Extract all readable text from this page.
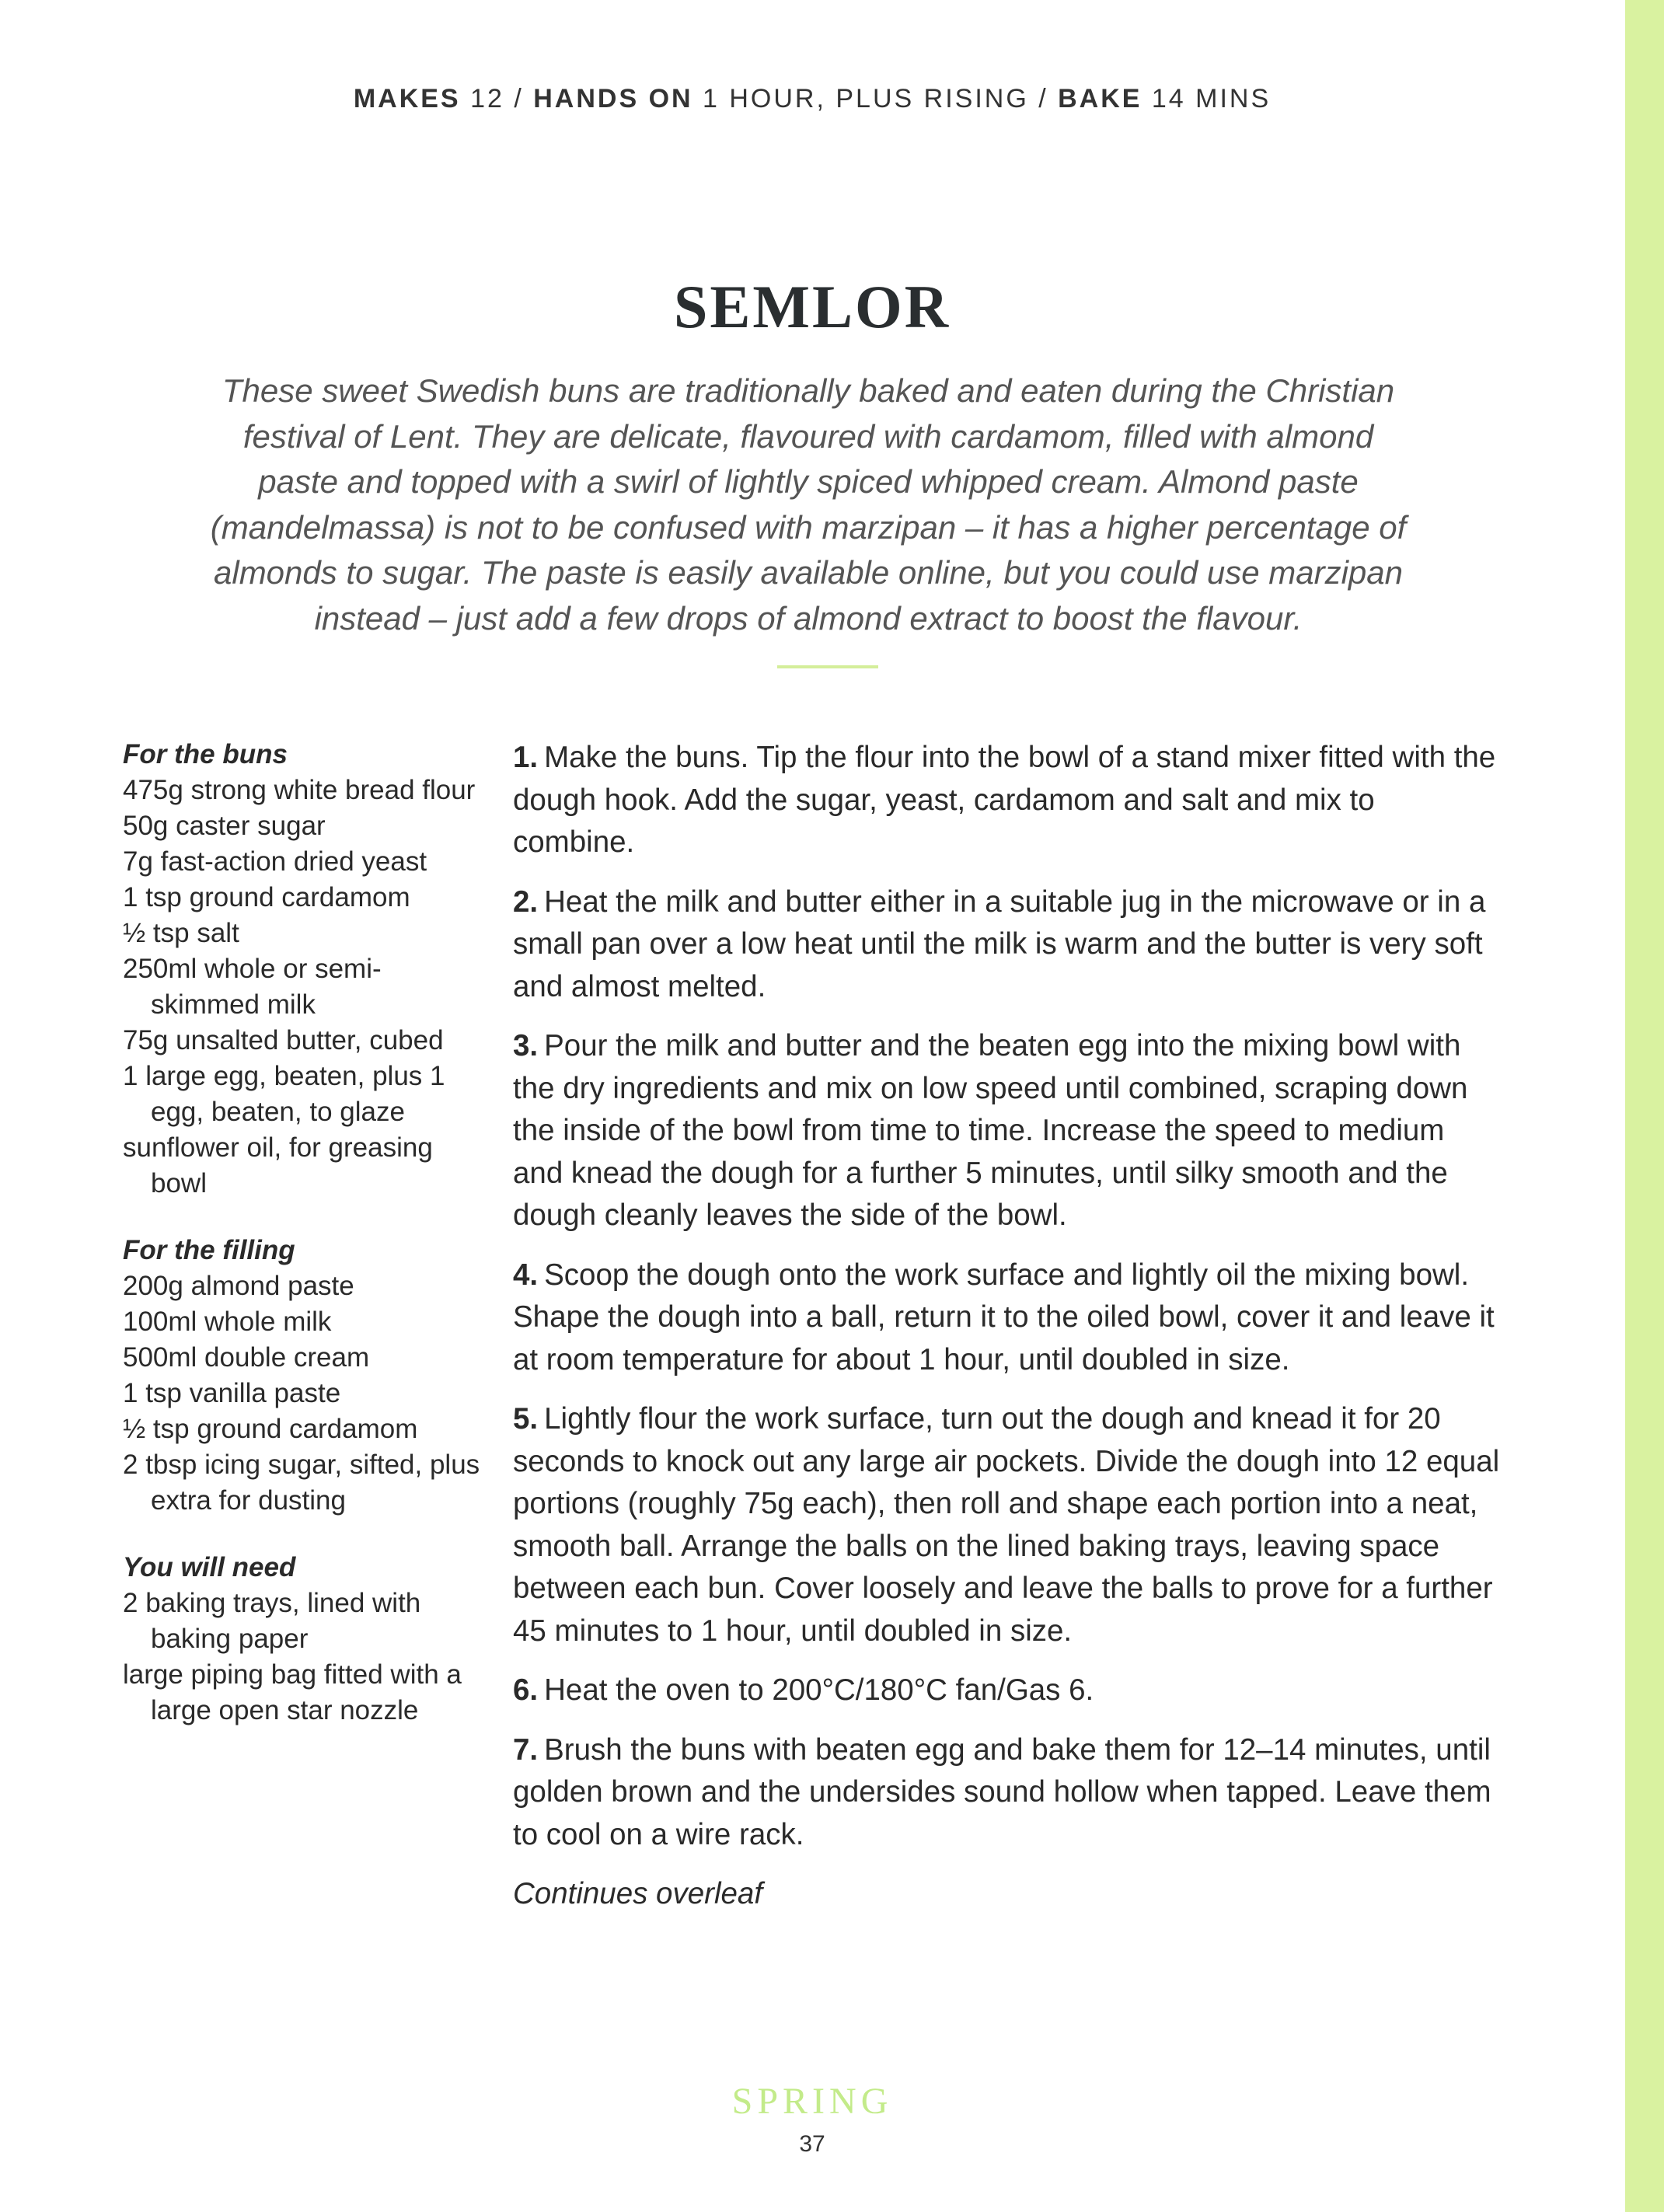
MAKES 12 / HANDS ON 1 HOUR, PLUS RISING / BAKE 14 MINS
SEMLOR
These sweet Swedish buns are traditionally baked and eaten during the Christian
festival of Lent. They are delicate, flavoured with cardamom, filled with almond
paste and topped with a swirl of lightly spiced whipped cream. Almond paste
(mandelmassa) is not to be confused with marzipan – it has a higher percentage of
almonds to sugar. The paste is easily available online, but you could use marzipan
instead – just add a few drops of almond extract to boost the flavour.
For the buns
475g strong white bread flour
50g caster sugar
7g fast-action dried yeast
1 tsp ground cardamom
½ tsp salt
250ml whole or semi-skimmed milk
75g unsalted butter, cubed
1 large egg, beaten, plus 1 egg, beaten, to glaze
sunflower oil, for greasing bowl
For the filling
200g almond paste
100ml whole milk
500ml double cream
1 tsp vanilla paste
½ tsp ground cardamom
2 tbsp icing sugar, sifted, plus extra for dusting
You will need
2 baking trays, lined with baking paper
large piping bag fitted with a large open star nozzle
1. Make the buns. Tip the flour into the bowl of a stand mixer fitted with the dough hook. Add the sugar, yeast, cardamom and salt and mix to combine.
2. Heat the milk and butter either in a suitable jug in the microwave or in a small pan over a low heat until the milk is warm and the butter is very soft and almost melted.
3. Pour the milk and butter and the beaten egg into the mixing bowl with the dry ingredients and mix on low speed until combined, scraping down the inside of the bowl from time to time. Increase the speed to medium and knead the dough for a further 5 minutes, until silky smooth and the dough cleanly leaves the side of the bowl.
4. Scoop the dough onto the work surface and lightly oil the mixing bowl. Shape the dough into a ball, return it to the oiled bowl, cover it and leave it at room temperature for about 1 hour, until doubled in size.
5. Lightly flour the work surface, turn out the dough and knead it for 20 seconds to knock out any large air pockets. Divide the dough into 12 equal portions (roughly 75g each), then roll and shape each portion into a neat, smooth ball. Arrange the balls on the lined baking trays, leaving space between each bun. Cover loosely and leave the balls to prove for a further 45 minutes to 1 hour, until doubled in size.
6. Heat the oven to 200°C/180°C fan/Gas 6.
7. Brush the buns with beaten egg and bake them for 12–14 minutes, until golden brown and the undersides sound hollow when tapped. Leave them to cool on a wire rack.
Continues overleaf
SPRING
37
